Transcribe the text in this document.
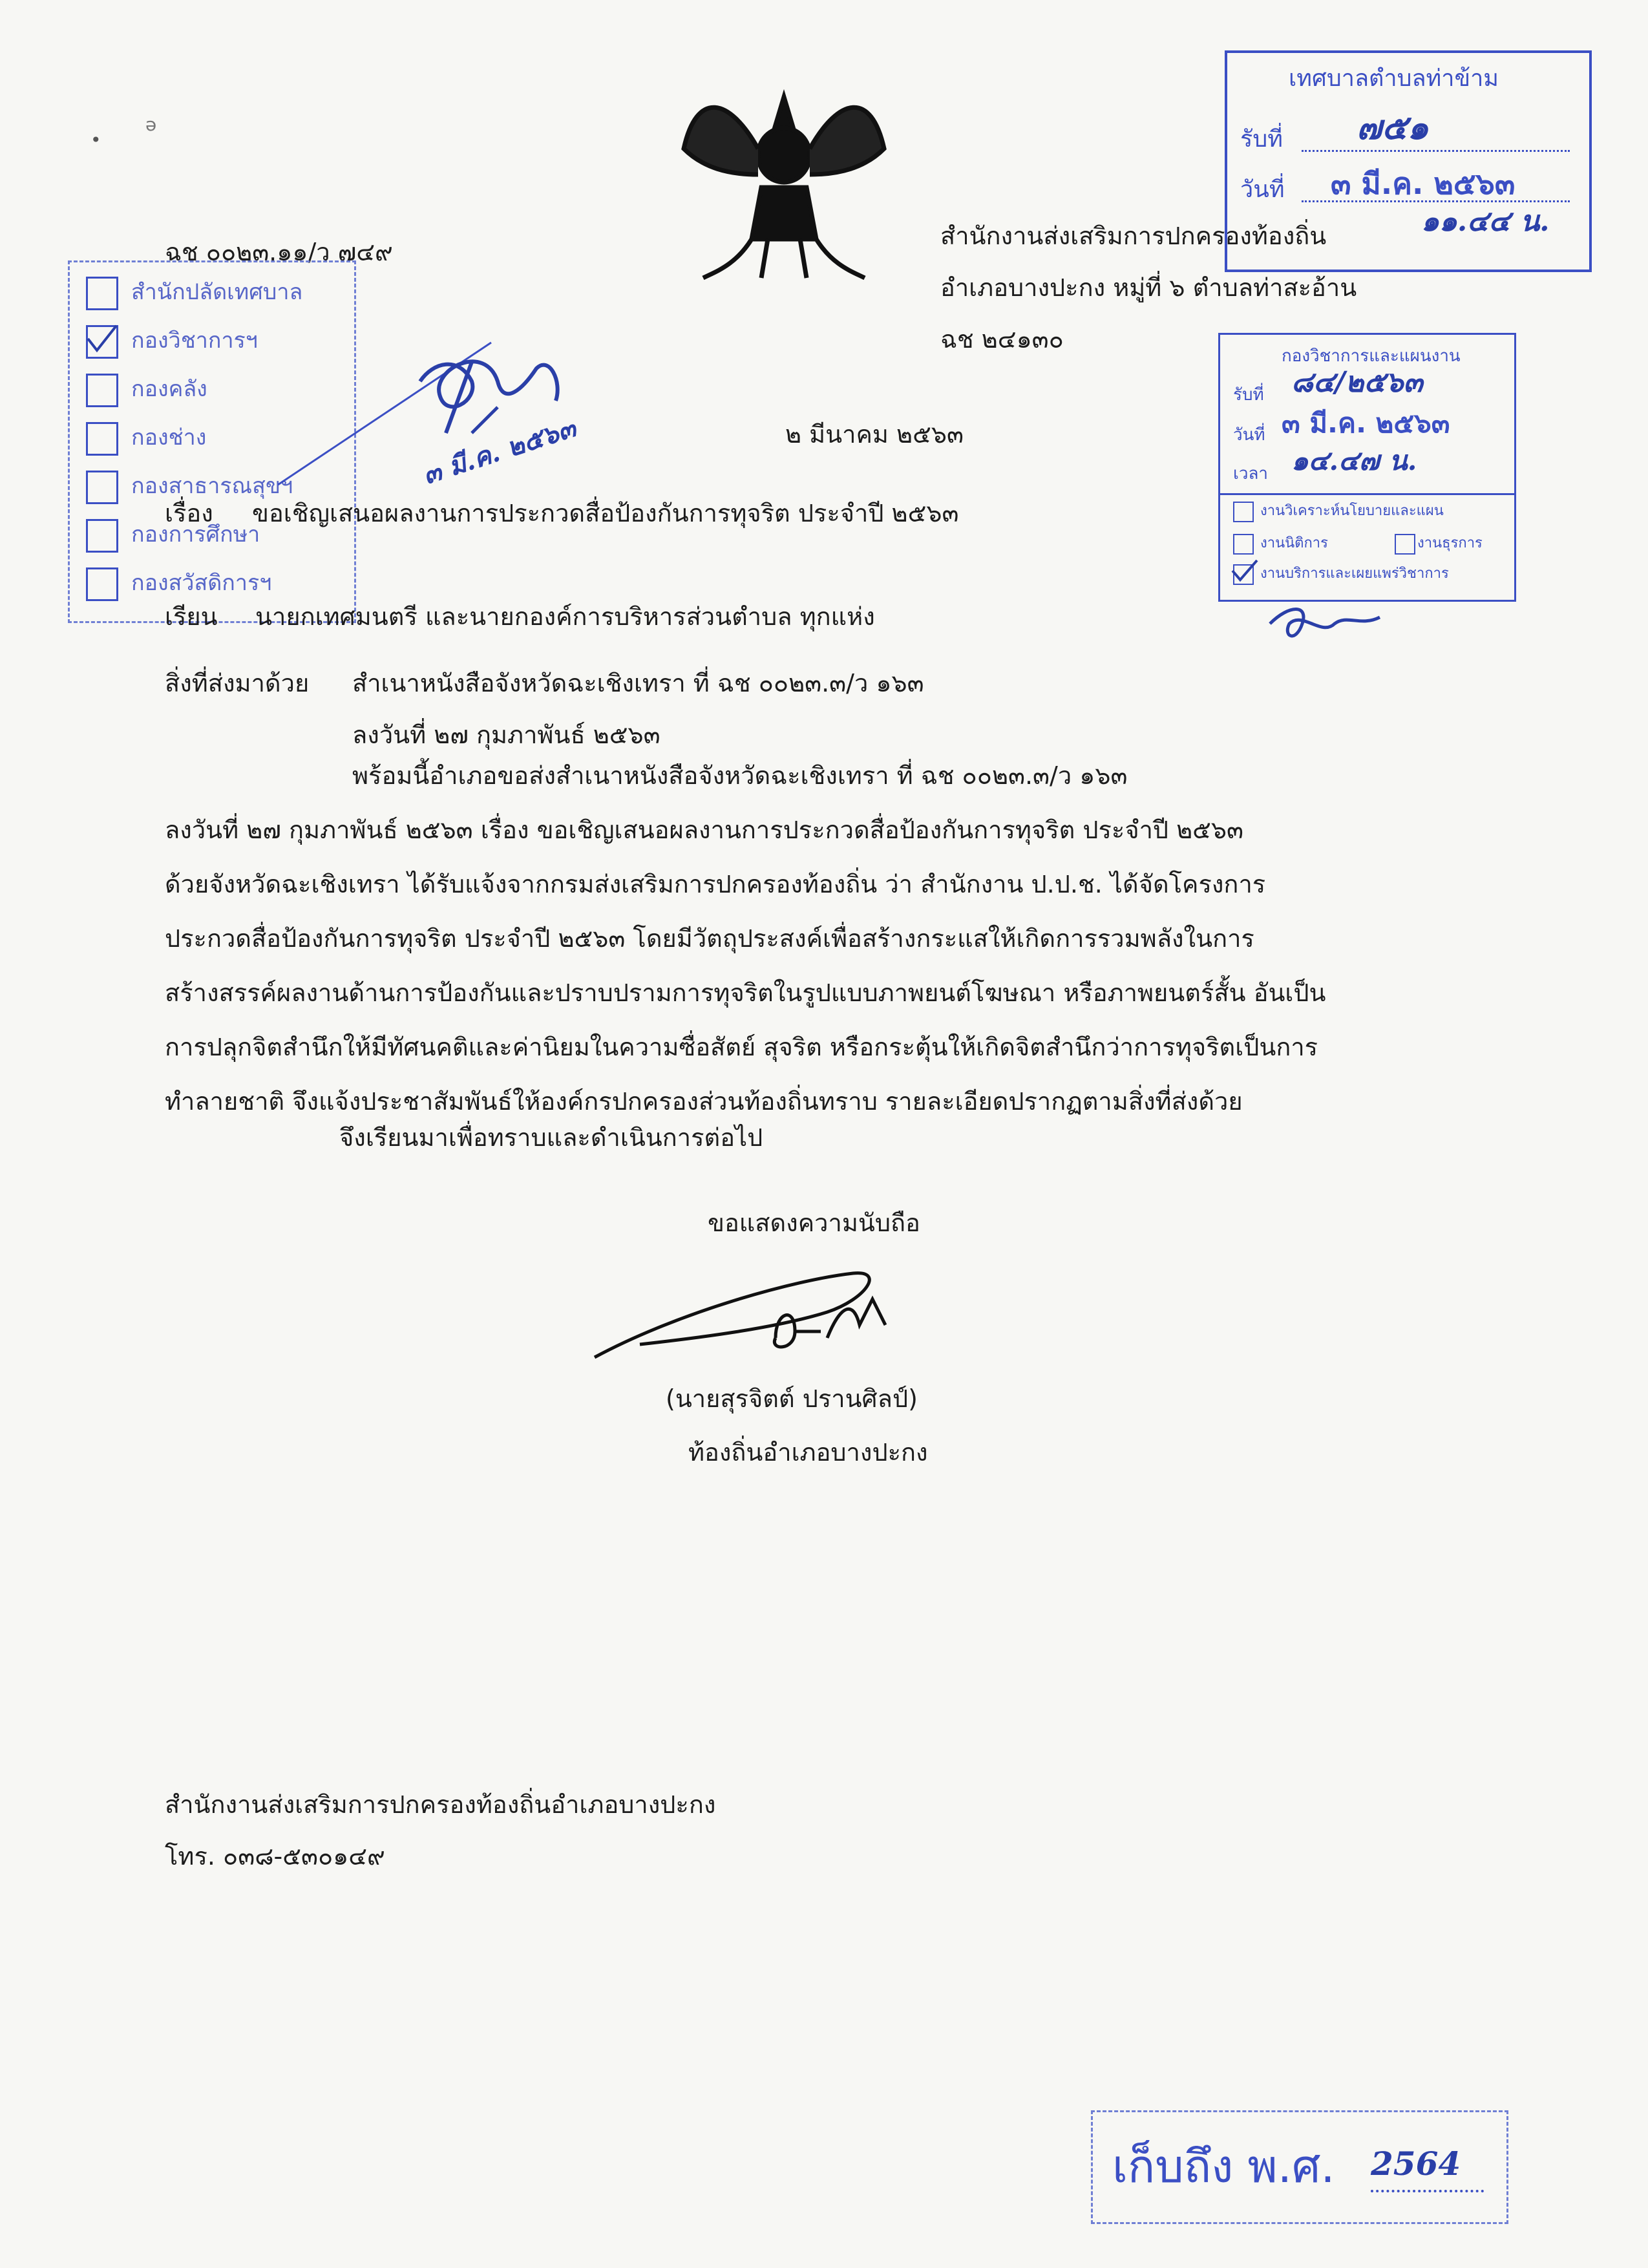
•
ə
ฉช ๐๐๒๓.๑๑/ว ๗๔๙
สำนักงานส่งเสริมการปกครองท้องถิ่น
อำเภอบางปะกง หมู่ที่ ๖ ตำบลท่าสะอ้าน
ฉช ๒๔๑๓๐
เทศบาลตำบลท่าข้าม
รับที่ ๗๕๑
วันที่ ๓ มี.ค. ๒๕๖๓
๑๑.๔๔ น.
กองวิชาการและแผนงาน
รับที่ ๘๔/๒๕๖๓
วันที่ ๓ มี.ค. ๒๕๖๓
เวลา ๑๔.๔๗ น.
งานวิเคราะห์นโยบายและแผน
งานนิติการ	งานธุรการ
งานบริการและเผยแพร่วิชาการ
สำนักปลัดเทศบาล
กองวิชาการฯ
กองคลัง
กองช่าง
กองสาธารณสุขฯ
กองการศึกษา
กองสวัสดิการฯ
๓ มี.ค. ๒๕๖๓	๒ มีนาคม ๒๕๖๓
เรื่อง ขอเชิญเสนอผลงานการประกวดสื่อป้องกันการทุจริต ประจำปี ๒๕๖๓
เรียน นายกเทศมนตรี และนายกองค์การบริหารส่วนตำบล ทุกแห่ง
สิ่งที่ส่งมาด้วย สำเนาหนังสือจังหวัดฉะเชิงเทรา ที่ ฉช ๐๐๒๓.๓/ว ๑๖๓
ลงวันที่ ๒๗ กุมภาพันธ์ ๒๕๖๓
พร้อมนี้อำเภอขอส่งสำเนาหนังสือจังหวัดฉะเชิงเทรา ที่ ฉช ๐๐๒๓.๓/ว ๑๖๓
ลงวันที่ ๒๗ กุมภาพันธ์ ๒๕๖๓ เรื่อง ขอเชิญเสนอผลงานการประกวดสื่อป้องกันการทุจริต ประจำปี ๒๕๖๓
ด้วยจังหวัดฉะเชิงเทรา ได้รับแจ้งจากกรมส่งเสริมการปกครองท้องถิ่น ว่า สำนักงาน ป.ป.ช. ได้จัดโครงการ
ประกวดสื่อป้องกันการทุจริต ประจำปี ๒๕๖๓ โดยมีวัตถุประสงค์เพื่อสร้างกระแสให้เกิดการรวมพลังในการ
สร้างสรรค์ผลงานด้านการป้องกันและปราบปรามการทุจริตในรูปแบบภาพยนต์โฆษณา หรือภาพยนตร์สั้น อันเป็น
การปลุกจิตสำนึกให้มีทัศนคติและค่านิยมในความซื่อสัตย์ สุจริต หรือกระตุ้นให้เกิดจิตสำนึกว่าการทุจริตเป็นการ
ทำลายชาติ จึงแจ้งประชาสัมพันธ์ให้องค์กรปกครองส่วนท้องถิ่นทราบ รายละเอียดปรากฏตามสิ่งที่ส่งด้วย
จึงเรียนมาเพื่อทราบและดำเนินการต่อไป
ขอแสดงความนับถือ
(นายสุรจิตต์ ปรานศิลป์)
ท้องถิ่นอำเภอบางปะกง
สำนักงานส่งเสริมการปกครองท้องถิ่นอำเภอบางปะกง
โทร. ๐๓๘-๕๓๐๑๔๙
เก็บถึง พ.ศ. 2564
